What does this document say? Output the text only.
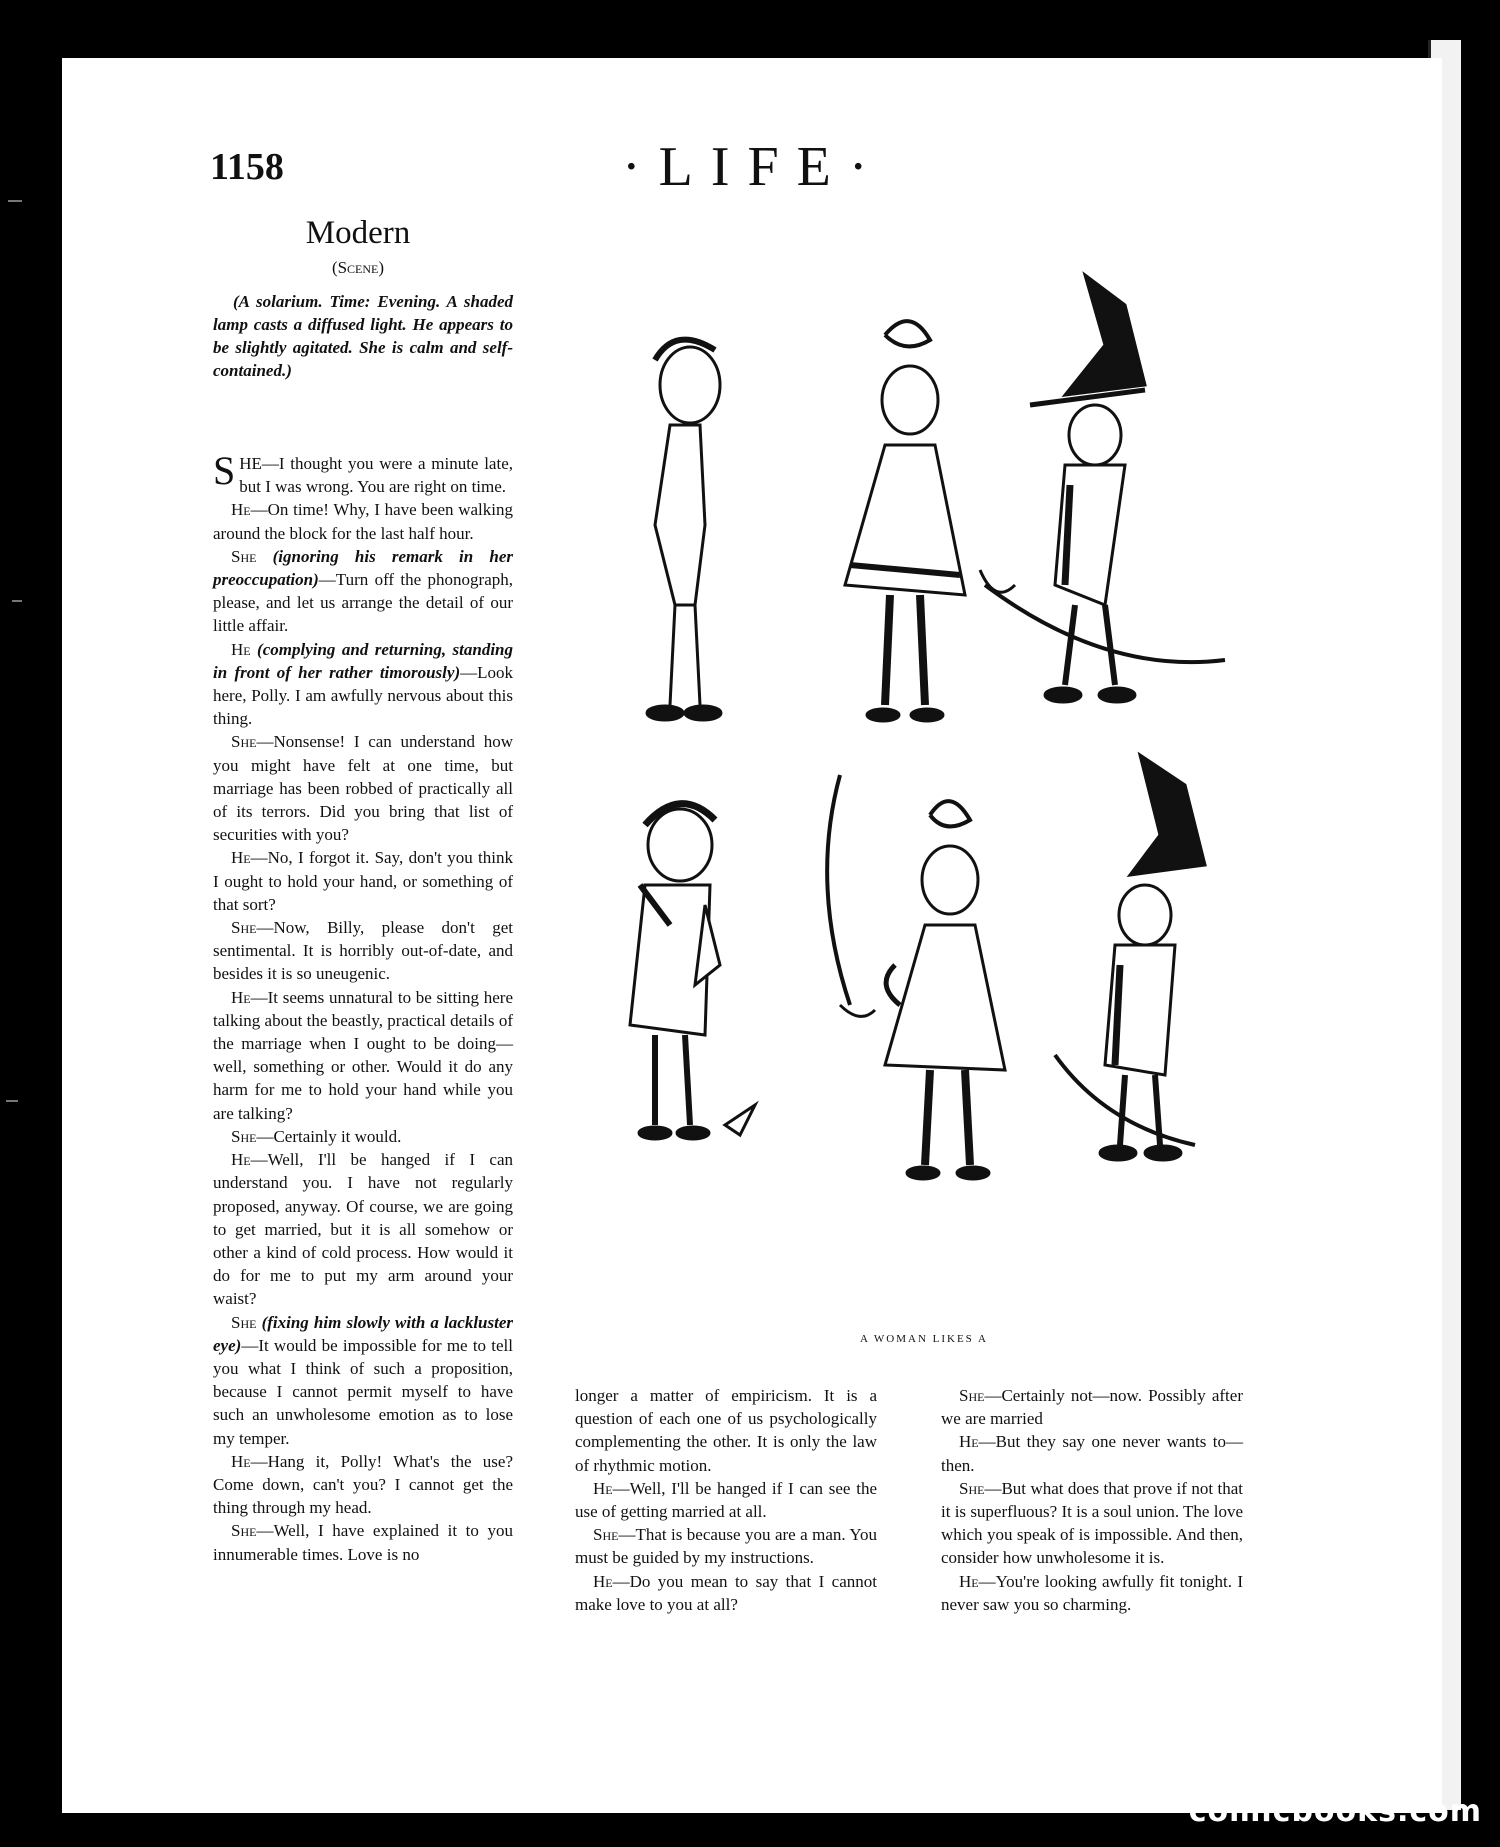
1158	·LIFE·
Modern
(Scene)
(A solarium. Time: Evening. A shaded lamp casts a diffused light. He appears to be slightly agitated. She is calm and self-contained.)

SHE—I thought you were a minute late, but I was wrong. You are right on time.

He—On time! Why, I have been walking around the block for the last half hour.

She (ignoring his remark in her preoccupation)—Turn off the phonograph, please, and let us arrange the detail of our little affair.

He (complying and returning, standing in front of her rather timorously)—Look here, Polly. I am awfully nervous about this thing.

She—Nonsense! I can understand how you might have felt at one time, but marriage has been robbed of practically all of its terrors. Did you bring that list of securities with you?

He—No, I forgot it. Say, don't you think I ought to hold your hand, or something of that sort?

She—Now, Billy, please don't get sentimental. It is horribly out-of-date, and besides it is so uneugenic.

He—It seems unnatural to be sitting here talking about the beastly, practical details of the marriage when I ought to be doing—well, something or other. Would it do any harm for me to hold your hand while you are talking?

She—Certainly it would.

He—Well, I'll be hanged if I can understand you. I have not regularly proposed, anyway. Of course, we are going to get married, but it is all somehow or other a kind of cold process. How would it do for me to put my arm around your waist?

She (fixing him slowly with a lackluster eye)—It would be impossible for me to tell you what I think of such a proposition, because I cannot permit myself to have such an unwholesome emotion as to lose my temper.

He—Hang it, Polly! What's the use? Come down, can't you? I cannot get the thing through my head.

She—Well, I have explained it to you innumerable times. Love is no

longer a matter of empiricism. It is a question of each one of us psychologically complementing the other. It is only the law of rhythmic motion.

He—Well, I'll be hanged if I can see the use of getting married at all.

She—That is because you are a man. You must be guided by my instructions.

He—Do you mean to say that I cannot make love to you at all?

She—Certainly not—now. Possibly after we are married

He—But they say one never wants to—then.

She—But what does that prove if not that it is superfluous? It is a soul union. The love which you speak of is impossible. And then, consider how unwholesome it is.

He—You're looking awfully fit tonight. I never saw you so charming.

A WOMAN LIKES A
comicbooks.com
